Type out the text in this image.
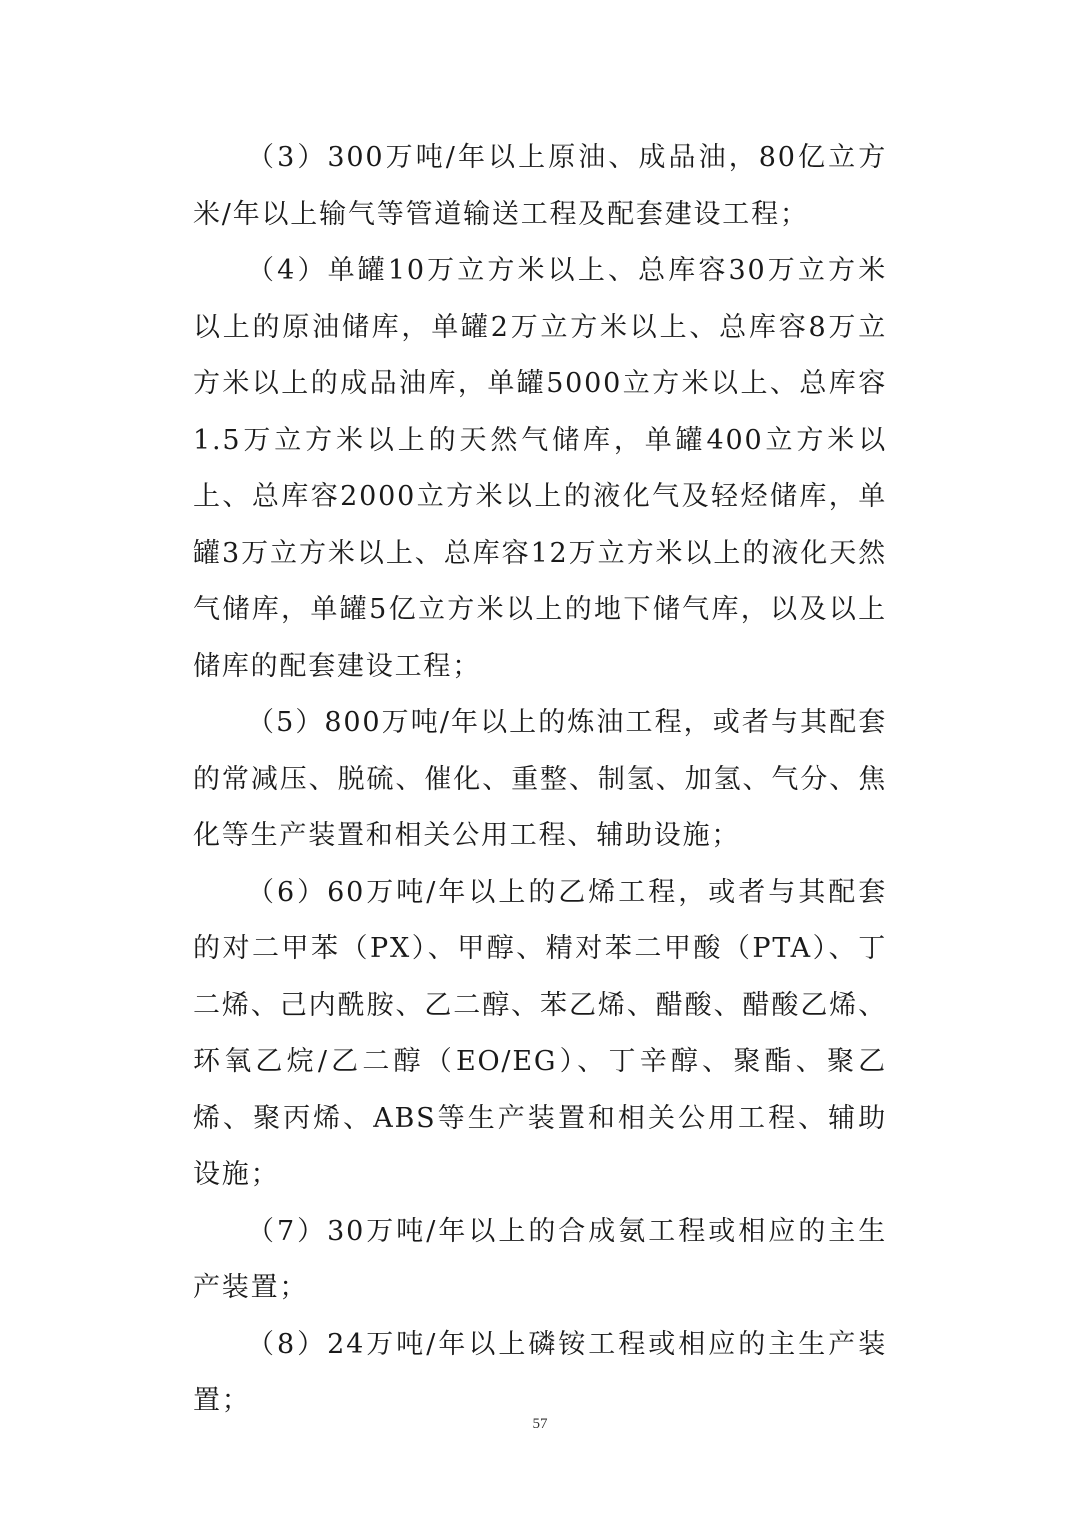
（3）300万吨/年以上原油、成品油，80亿立方米/年以上输气等管道输送工程及配套建设工程；

（4）单罐10万立方米以上、总库容30万立方米以上的原油储库，单罐2万立方米以上、总库容8万立方米以上的成品油库，单罐5000立方米以上、总库容1.5万立方米以上的天然气储库，单罐400立方米以上、总库容2000立方米以上的液化气及轻烃储库，单罐3万立方米以上、总库容12万立方米以上的液化天然气储库，单罐5亿立方米以上的地下储气库，以及以上储库的配套建设工程；

（5）800万吨/年以上的炼油工程，或者与其配套的常减压、脱硫、催化、重整、制氢、加氢、气分、焦化等生产装置和相关公用工程、辅助设施；

（6）60万吨/年以上的乙烯工程，或者与其配套的对二甲苯（PX）、甲醇、精对苯二甲酸（PTA）、丁二烯、己内酰胺、乙二醇、苯乙烯、醋酸、醋酸乙烯、环氧乙烷/乙二醇（EO/EG）、丁辛醇、聚酯、聚乙烯、聚丙烯、ABS等生产装置和相关公用工程、辅助设施；

（7）30万吨/年以上的合成氨工程或相应的主生产装置；

（8）24万吨/年以上磷铵工程或相应的主生产装置；

57
